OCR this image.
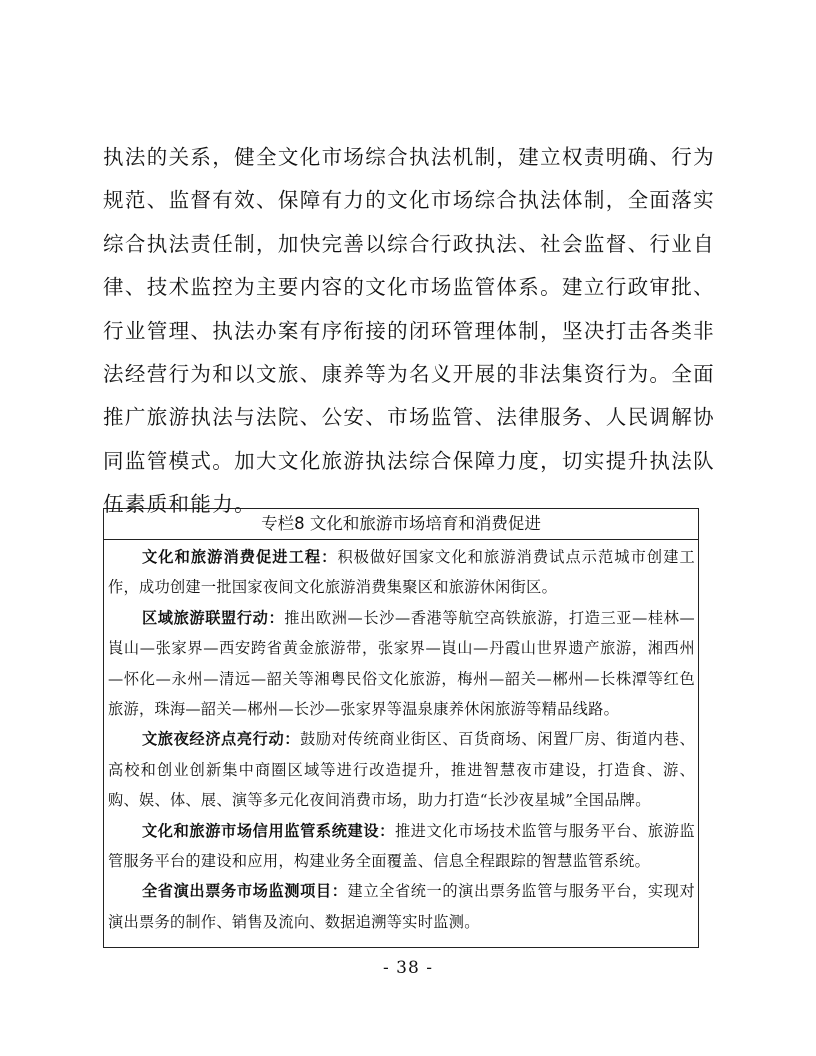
执法的关系，健全文化市场综合执法机制，建立权责明确、行为规范、监督有效、保障有力的文化市场综合执法体制，全面落实综合执法责任制，加快完善以综合行政执法、社会监督、行业自律、技术监控为主要内容的文化市场监管体系。建立行政审批、行业管理、执法办案有序衔接的闭环管理体制，坚决打击各类非法经营行为和以文旅、康养等为名义开展的非法集资行为。全面推广旅游执法与法院、公安、市场监管、法律服务、人民调解协同监管模式。加大文化旅游执法综合保障力度，切实提升执法队伍素质和能力。

专栏8 文化和旅游市场培育和消费促进

文化和旅游消费促进工程：积极做好国家文化和旅游消费试点示范城市创建工作，成功创建一批国家夜间文化旅游消费集聚区和旅游休闲街区。

区域旅游联盟行动：推出欧洲—长沙—香港等航空高铁旅游，打造三亚—桂林—崀山—张家界—西安跨省黄金旅游带，张家界—崀山—丹霞山世界遗产旅游，湘西州—怀化—永州—清远—韶关等湘粤民俗文化旅游，梅州—韶关—郴州—长株潭等红色旅游，珠海—韶关—郴州—长沙—张家界等温泉康养休闲旅游等精品线路。

文旅夜经济点亮行动：鼓励对传统商业街区、百货商场、闲置厂房、街道内巷、高校和创业创新集中商圈区域等进行改造提升，推进智慧夜市建设，打造食、游、购、娱、体、展、演等多元化夜间消费市场，助力打造“长沙夜星城”全国品牌。

文化和旅游市场信用监管系统建设：推进文化市场技术监管与服务平台、旅游监管服务平台的建设和应用，构建业务全面覆盖、信息全程跟踪的智慧监管系统。

全省演出票务市场监测项目：建立全省统一的演出票务监管与服务平台，实现对演出票务的制作、销售及流向、数据追溯等实时监测。

- 38 -
